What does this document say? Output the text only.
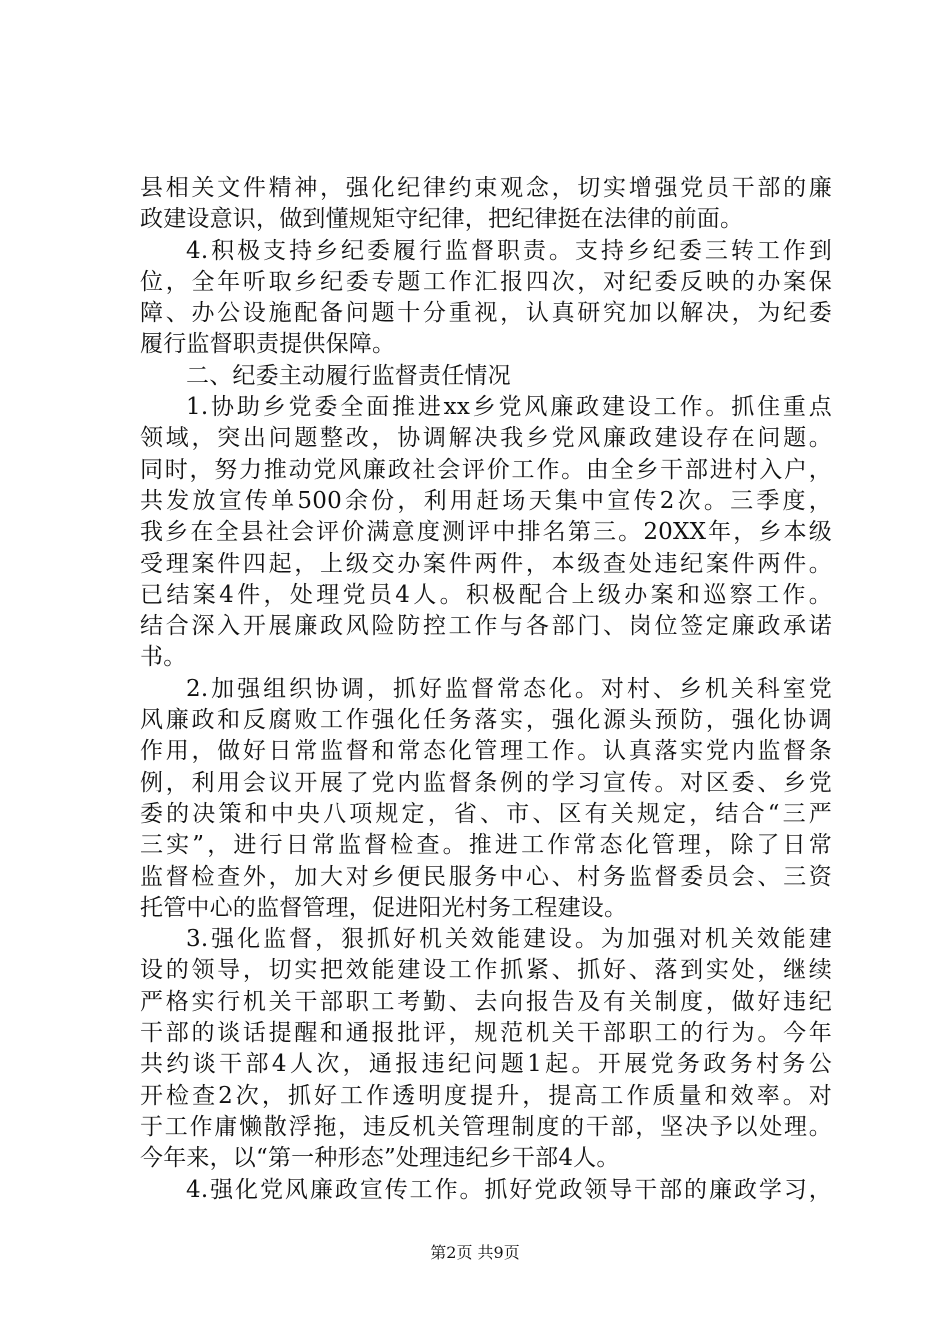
县相关文件精神，强化纪律约束观念，切实增强党员干部的廉
政建设意识，做到懂规矩守纪律，把纪律挺在法律的前面。
4.积极支持乡纪委履行监督职责。支持乡纪委三转工作到
位，全年听取乡纪委专题工作汇报四次，对纪委反映的办案保
障、办公设施配备问题十分重视，认真研究加以解决，为纪委
履行监督职责提供保障。
二、纪委主动履行监督责任情况
1.协助乡党委全面推进xx乡党风廉政建设工作。抓住重点
领域，突出问题整改，协调解决我乡党风廉政建设存在问题。
同时，努力推动党风廉政社会评价工作。由全乡干部进村入户，
共发放宣传单500余份，利用赶场天集中宣传2次。三季度，
我乡在全县社会评价满意度测评中排名第三。20XX年，乡本级
受理案件四起，上级交办案件两件，本级查处违纪案件两件。
已结案4件，处理党员4人。积极配合上级办案和巡察工作。
结合深入开展廉政风险防控工作与各部门、岗位签定廉政承诺
书。
2.加强组织协调，抓好监督常态化。对村、乡机关科室党
风廉政和反腐败工作强化任务落实，强化源头预防，强化协调
作用，做好日常监督和常态化管理工作。认真落实党内监督条
例，利用会议开展了党内监督条例的学习宣传。对区委、乡党
委的决策和中央八项规定，省、市、区有关规定，结合“三严
三实”，进行日常监督检查。推进工作常态化管理，除了日常
监督检查外，加大对乡便民服务中心、村务监督委员会、三资
托管中心的监督管理，促进阳光村务工程建设。
3.强化监督，狠抓好机关效能建设。为加强对机关效能建
设的领导，切实把效能建设工作抓紧、抓好、落到实处，继续
严格实行机关干部职工考勤、去向报告及有关制度，做好违纪
干部的谈话提醒和通报批评，规范机关干部职工的行为。今年
共约谈干部4人次，通报违纪问题1起。开展党务政务村务公
开检查2次，抓好工作透明度提升，提高工作质量和效率。对
于工作庸懒散浮拖，违反机关管理制度的干部，坚决予以处理。
今年来，以“第一种形态”处理违纪乡干部4人。
4.强化党风廉政宣传工作。抓好党政领导干部的廉政学习，
第2页 共9页
